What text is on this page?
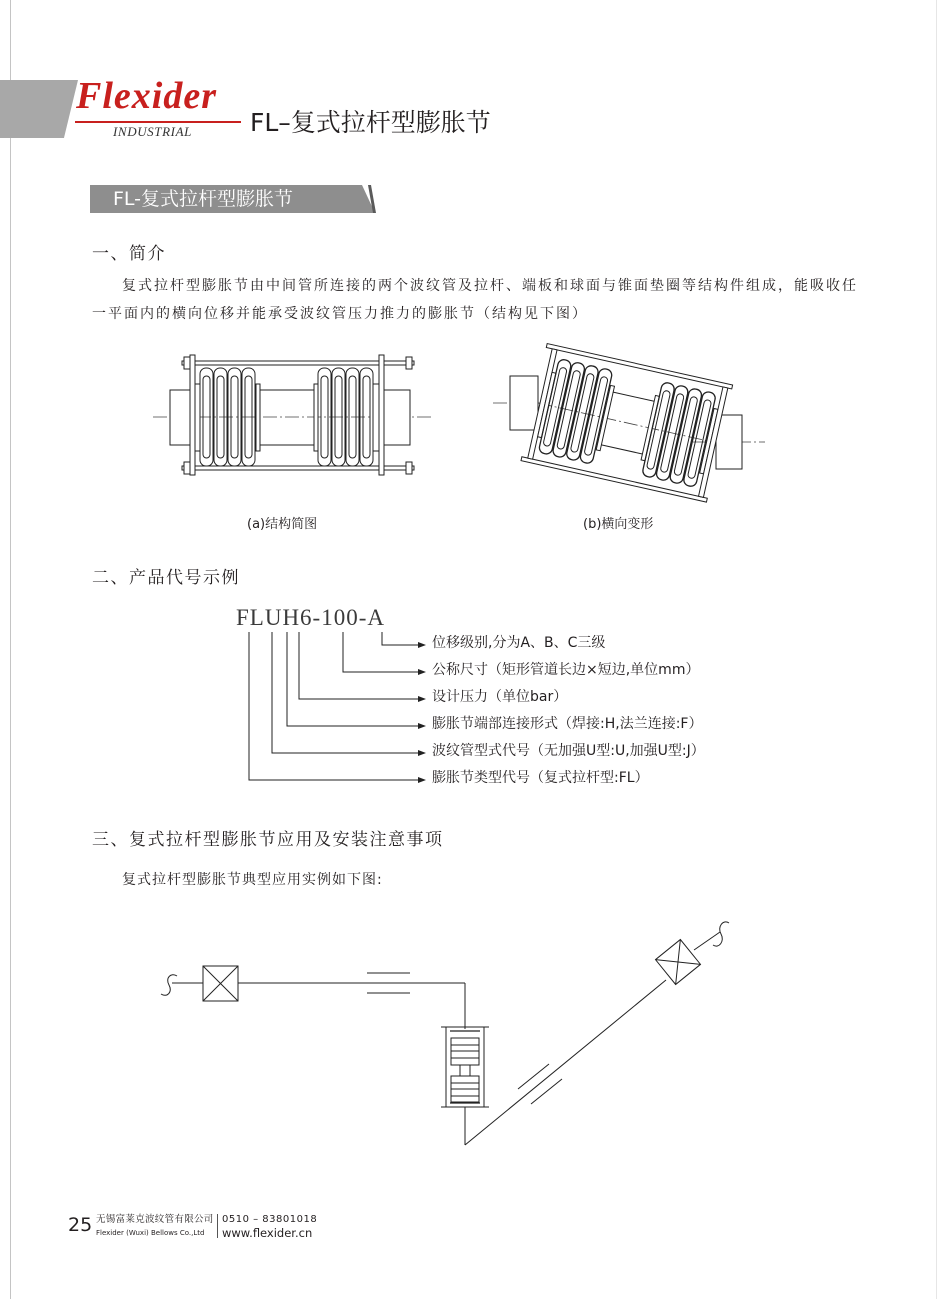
Flexider
INDUSTRIAL FL–复式拉杆型膨胀节
FL-复式拉杆型膨胀节
一、简介
复式拉杆型膨胀节由中间管所连接的两个波纹管及拉杆、端板和球面与锥面垫圈等结构件组成，能吸收任
一平面内的横向位移并能承受波纹管压力推力的膨胀节（结构见下图）
(a)结构简图	(b)横向变形
二、产品代号示例
FLUH6-100-A
位移级别,分为A、B、C三级
公称尺寸（矩形管道长边×短边,单位mm）
设计压力（单位bar）
膨胀节端部连接形式（焊接:H,法兰连接:F）
波纹管型式代号（无加强U型:U,加强U型:J）
膨胀节类型代号（复式拉杆型:FL）
三、复式拉杆型膨胀节应用及安装注意事项
复式拉杆型膨胀节典型应用实例如下图:
25 无锡富莱克波纹管有限公司
Flexider (Wuxi) Bellows Co.,Ltd
0510 – 83801018
www.flexider.cn
